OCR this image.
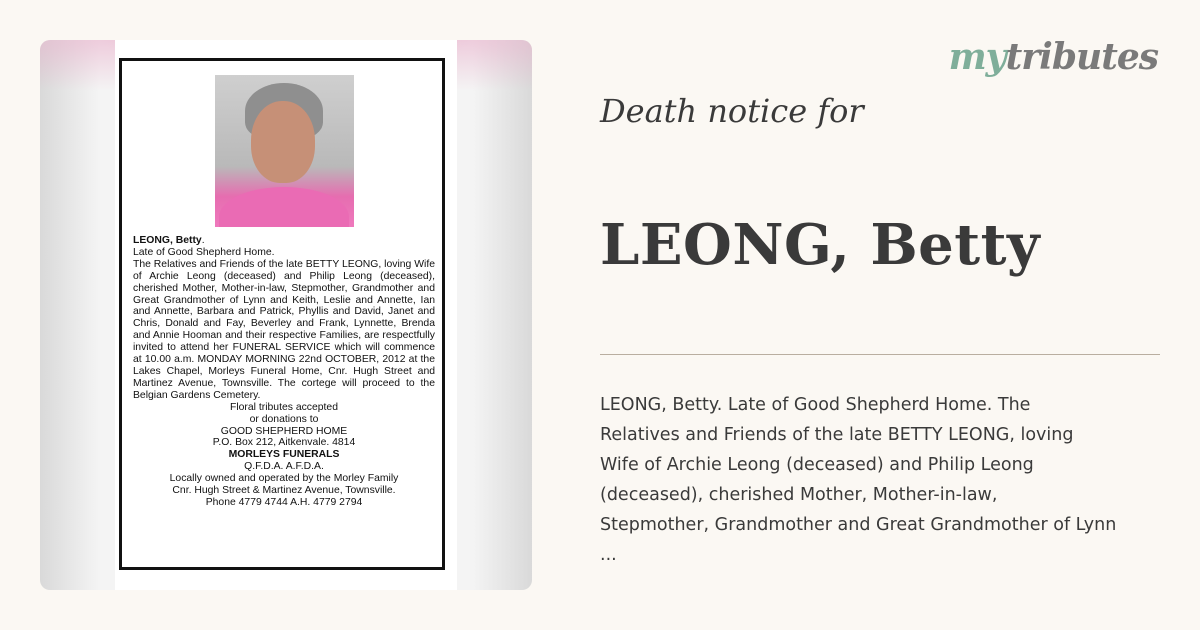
LEONG, Betty.

Late of Good Shepherd Home.

The Relatives and Friends of the late BETTY LEONG, loving Wife of Archie Leong (deceased) and Philip Leong (deceased), cherished Mother, Mother-in-law, Stepmother, Grandmother and Great Grandmother of Lynn and Keith, Leslie and Annette, Ian and Annette, Barbara and Patrick, Phyllis and David, Janet and Chris, Donald and Fay, Beverley and Frank, Lynnette, Brenda and Annie Hooman and their respective Families, are respectfully invited to attend her FUNERAL SERVICE which will commence at 10.00 a.m. MONDAY MORNING 22nd OCTOBER, 2012 at the Lakes Chapel, Morleys Funeral Home, Cnr. Hugh Street and Martinez Avenue, Townsville. The cortege will proceed to the Belgian Gardens Cemetery.

Floral tributes accepted

or donations to

GOOD SHEPHERD HOME

P.O. Box 212, Aitkenvale. 4814

MORLEYS FUNERALS

Q.F.D.A. A.F.D.A.

Locally owned and operated by the Morley Family

Cnr. Hugh Street & Martinez Avenue, Townsville.

Phone 4779 4744 A.H. 4779 2794

mytributes
Death notice for
LEONG, Betty
LEONG, Betty. Late of Good Shepherd Home. The
Relatives and Friends of the late BETTY LEONG, loving
Wife of Archie Leong (deceased) and Philip Leong
(deceased), cherished Mother, Mother-in-law,
Stepmother, Grandmother and Great Grandmother of Lynn
...
